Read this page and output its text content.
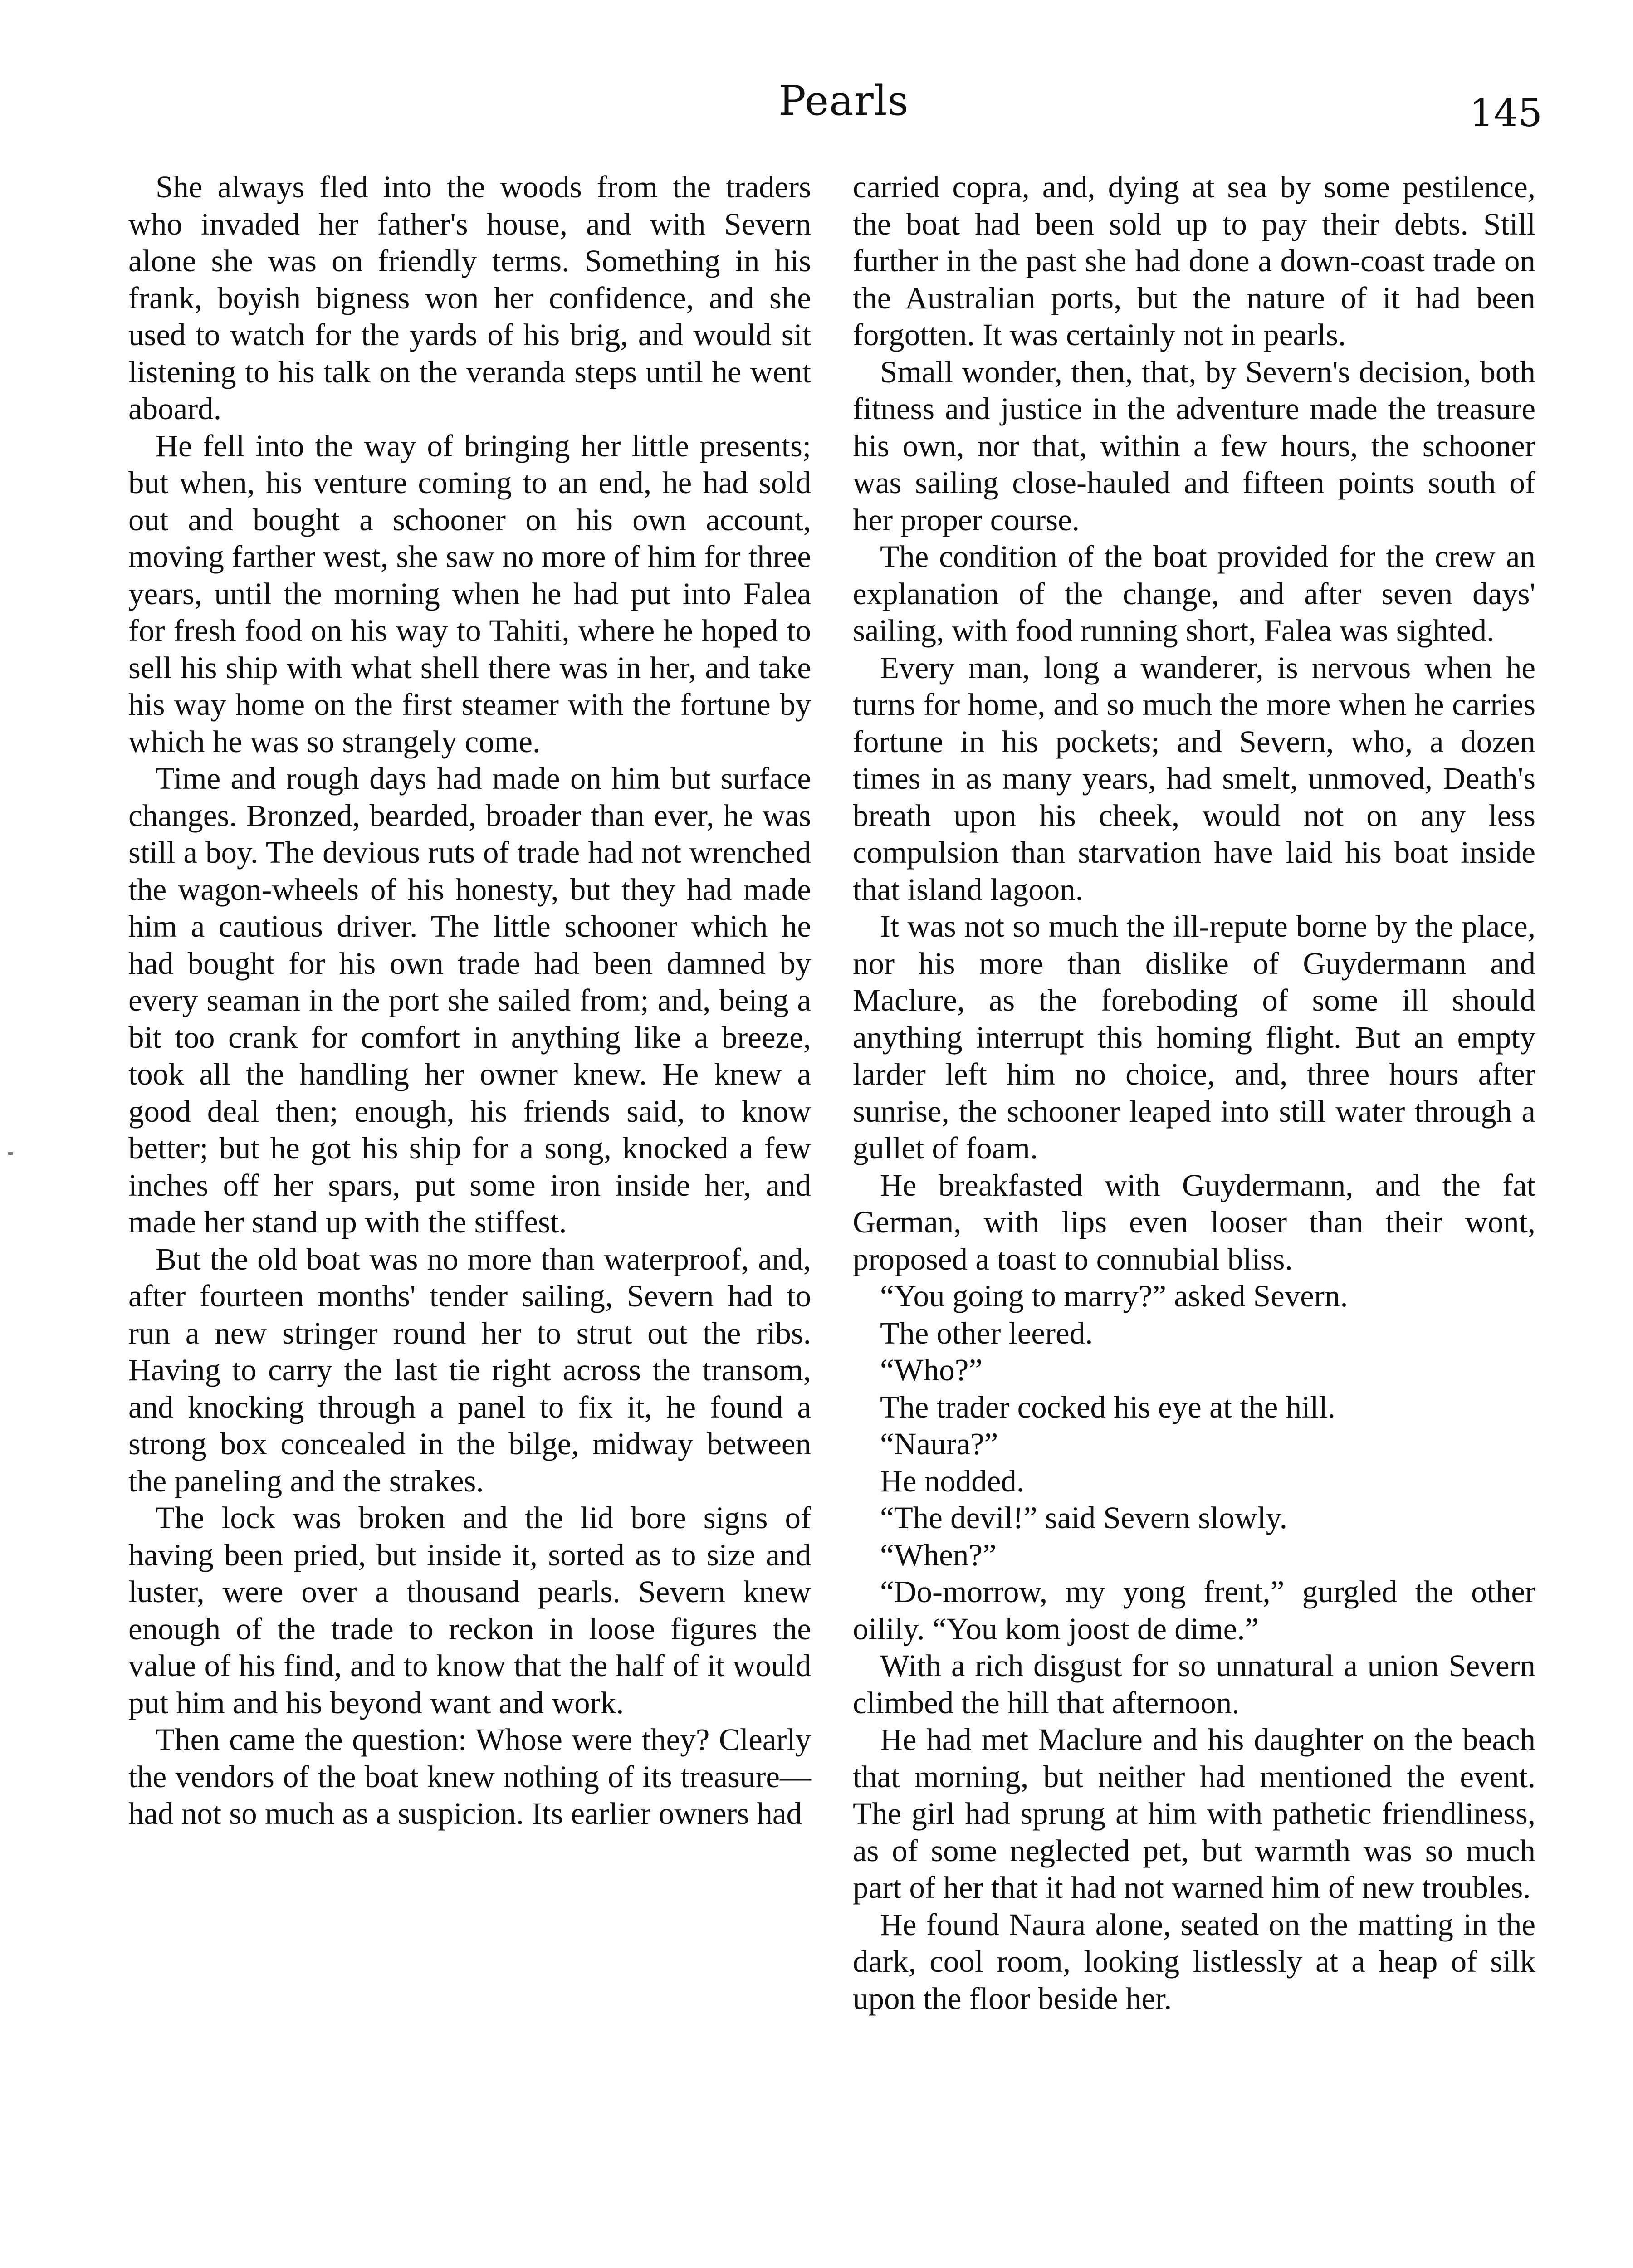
Pearls	145

She always fled into the woods from the traders who invaded her father's house, and with Severn alone she was on friendly terms. Something in his frank, boyish bigness won her confidence, and she used to watch for the yards of his brig, and would sit listening to his talk on the veranda steps until he went aboard.

He fell into the way of bringing her little presents; but when, his venture coming to an end, he had sold out and bought a schooner on his own account, moving farther west, she saw no more of him for three years, until the morning when he had put into Falea for fresh food on his way to Tahiti, where he hoped to sell his ship with what shell there was in her, and take his way home on the first steamer with the fortune by which he was so strangely come.

Time and rough days had made on him but surface changes. Bronzed, bearded, broader than ever, he was still a boy. The devious ruts of trade had not wrenched the wagon-wheels of his honesty, but they had made him a cautious driver. The little schooner which he had bought for his own trade had been damned by every seaman in the port she sailed from; and, being a bit too crank for comfort in anything like a breeze, took all the handling her owner knew. He knew a good deal then; enough, his friends said, to know better; but he got his ship for a song, knocked a few inches off her spars, put some iron inside her, and made her stand up with the stiffest.

But the old boat was no more than waterproof, and, after fourteen months' tender sailing, Severn had to run a new stringer round her to strut out the ribs. Having to carry the last tie right across the transom, and knocking through a panel to fix it, he found a strong box concealed in the bilge, midway between the paneling and the strakes.

The lock was broken and the lid bore signs of having been pried, but inside it, sorted as to size and luster, were over a thousand pearls. Severn knew enough of the trade to reckon in loose figures the value of his find, and to know that the half of it would put him and his beyond want and work.

Then came the question: Whose were they? Clearly the vendors of the boat knew nothing of its treasure—had not so much as a suspicion. Its earlier owners had

carried copra, and, dying at sea by some pestilence, the boat had been sold up to pay their debts. Still further in the past she had done a down-coast trade on the Australian ports, but the nature of it had been forgotten. It was certainly not in pearls.

Small wonder, then, that, by Severn's decision, both fitness and justice in the adventure made the treasure his own, nor that, within a few hours, the schooner was sailing close-hauled and fifteen points south of her proper course.

The condition of the boat provided for the crew an explanation of the change, and after seven days' sailing, with food running short, Falea was sighted.

Every man, long a wanderer, is nervous when he turns for home, and so much the more when he carries fortune in his pockets; and Severn, who, a dozen times in as many years, had smelt, unmoved, Death's breath upon his cheek, would not on any less compulsion than starvation have laid his boat inside that island lagoon.

It was not so much the ill-repute borne by the place, nor his more than dislike of Guydermann and Maclure, as the foreboding of some ill should anything interrupt this homing flight. But an empty larder left him no choice, and, three hours after sunrise, the schooner leaped into still water through a gullet of foam.

He breakfasted with Guydermann, and the fat German, with lips even looser than their wont, proposed a toast to connubial bliss.

“You going to marry?” asked Severn.

The other leered.

“Who?”

The trader cocked his eye at the hill.

“Naura?”

He nodded.

“The devil!” said Severn slowly.

“When?”

“Do-morrow, my yong frent,” gurgled the other oilily. “You kom joost de dime.”

With a rich disgust for so unnatural a union Severn climbed the hill that afternoon.

He had met Maclure and his daughter on the beach that morning, but neither had mentioned the event. The girl had sprung at him with pathetic friendliness, as of some neglected pet, but warmth was so much part of her that it had not warned him of new troubles.

He found Naura alone, seated on the matting in the dark, cool room, looking listlessly at a heap of silk upon the floor beside her.
